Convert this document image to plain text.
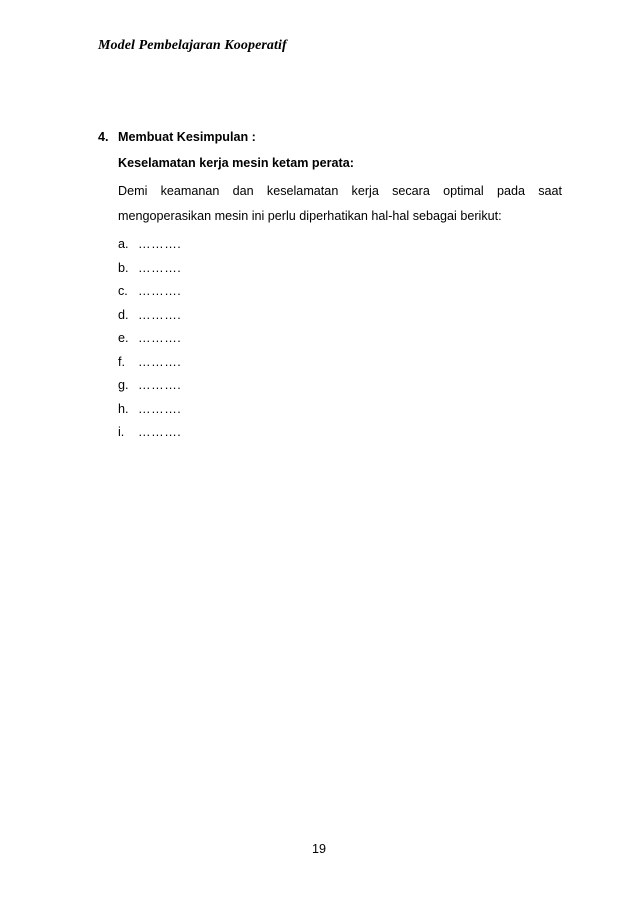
Model Pembelajaran Kooperatif
4. Membuat Kesimpulan :
Keselamatan kerja mesin ketam perata:
Demi keamanan dan keselamatan kerja secara optimal pada saat mengoperasikan mesin ini perlu diperhatikan hal-hal sebagai berikut:
a. ……….
b. ……….
c. ……….
d. ……….
e. ……….
f.	……….
g. ……….
h. ……….
i.	……….
19
